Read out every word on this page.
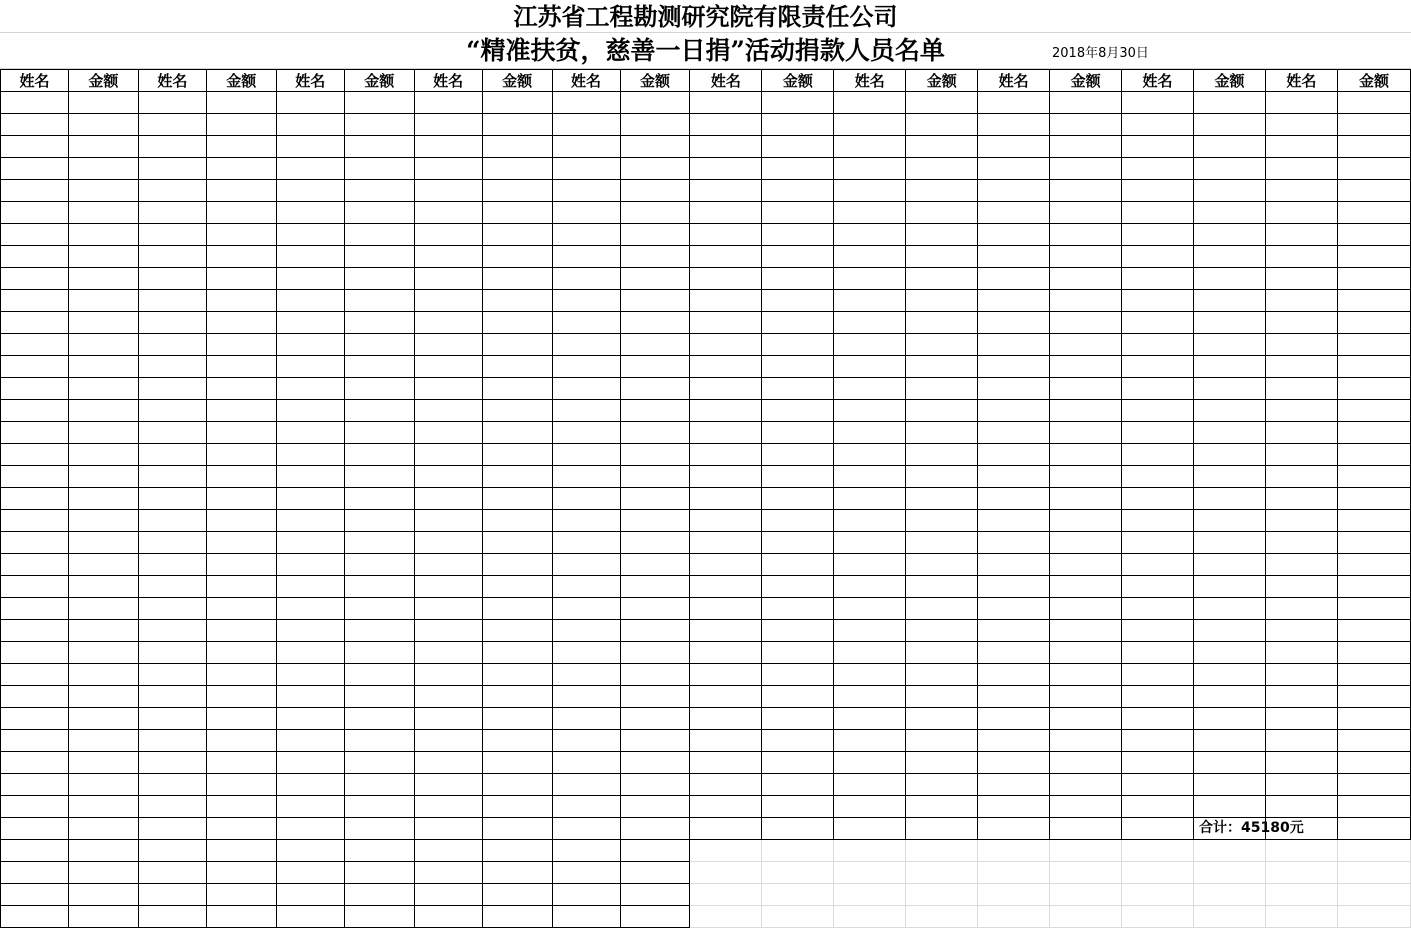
江苏省工程勘测研究院有限责任公司
“精准扶贫，慈善一日捐”活动捐款人员名单	2018年8月30日
姓名	金额	姓名	金额	姓名	金额	姓名	金额	姓名	金额	姓名	金额	姓名	金额	姓名	金额	姓名	金额	姓名	金额

合计：45180元
